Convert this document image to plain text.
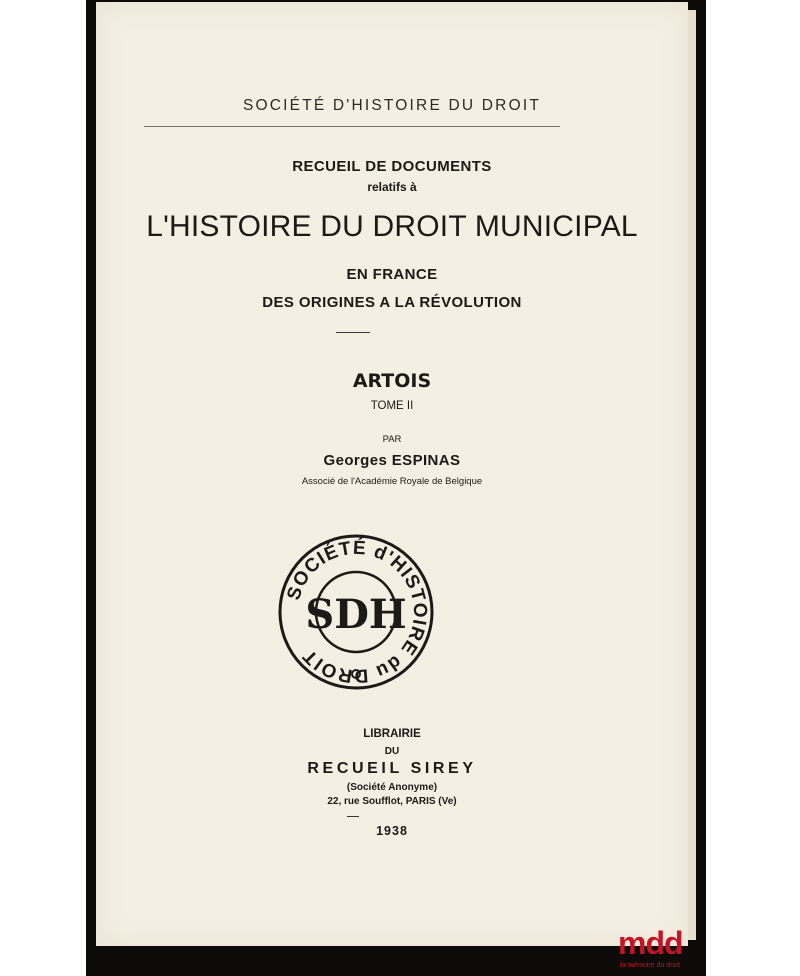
SOCIÉTÉ D'HISTOIRE DU DROIT
RECUEIL DE DOCUMENTS
relatifs à
L'HISTOIRE DU DROIT MUNICIPAL
EN FRANCE
DES ORIGINES A LA RÉVOLUTION
ARTOIS
TOME II
PAR
Georges ESPINAS
Associé de l'Académie Royale de Belgique
SOCIÉTÉ d'HISTOIRE du DROIT
SDH
LIBRAIRIE
DU
RECUEIL SIREY
(Société Anonyme)
22, rue Soufflot, PARIS (Ve)
1938
mdd
la mémoire du droit
